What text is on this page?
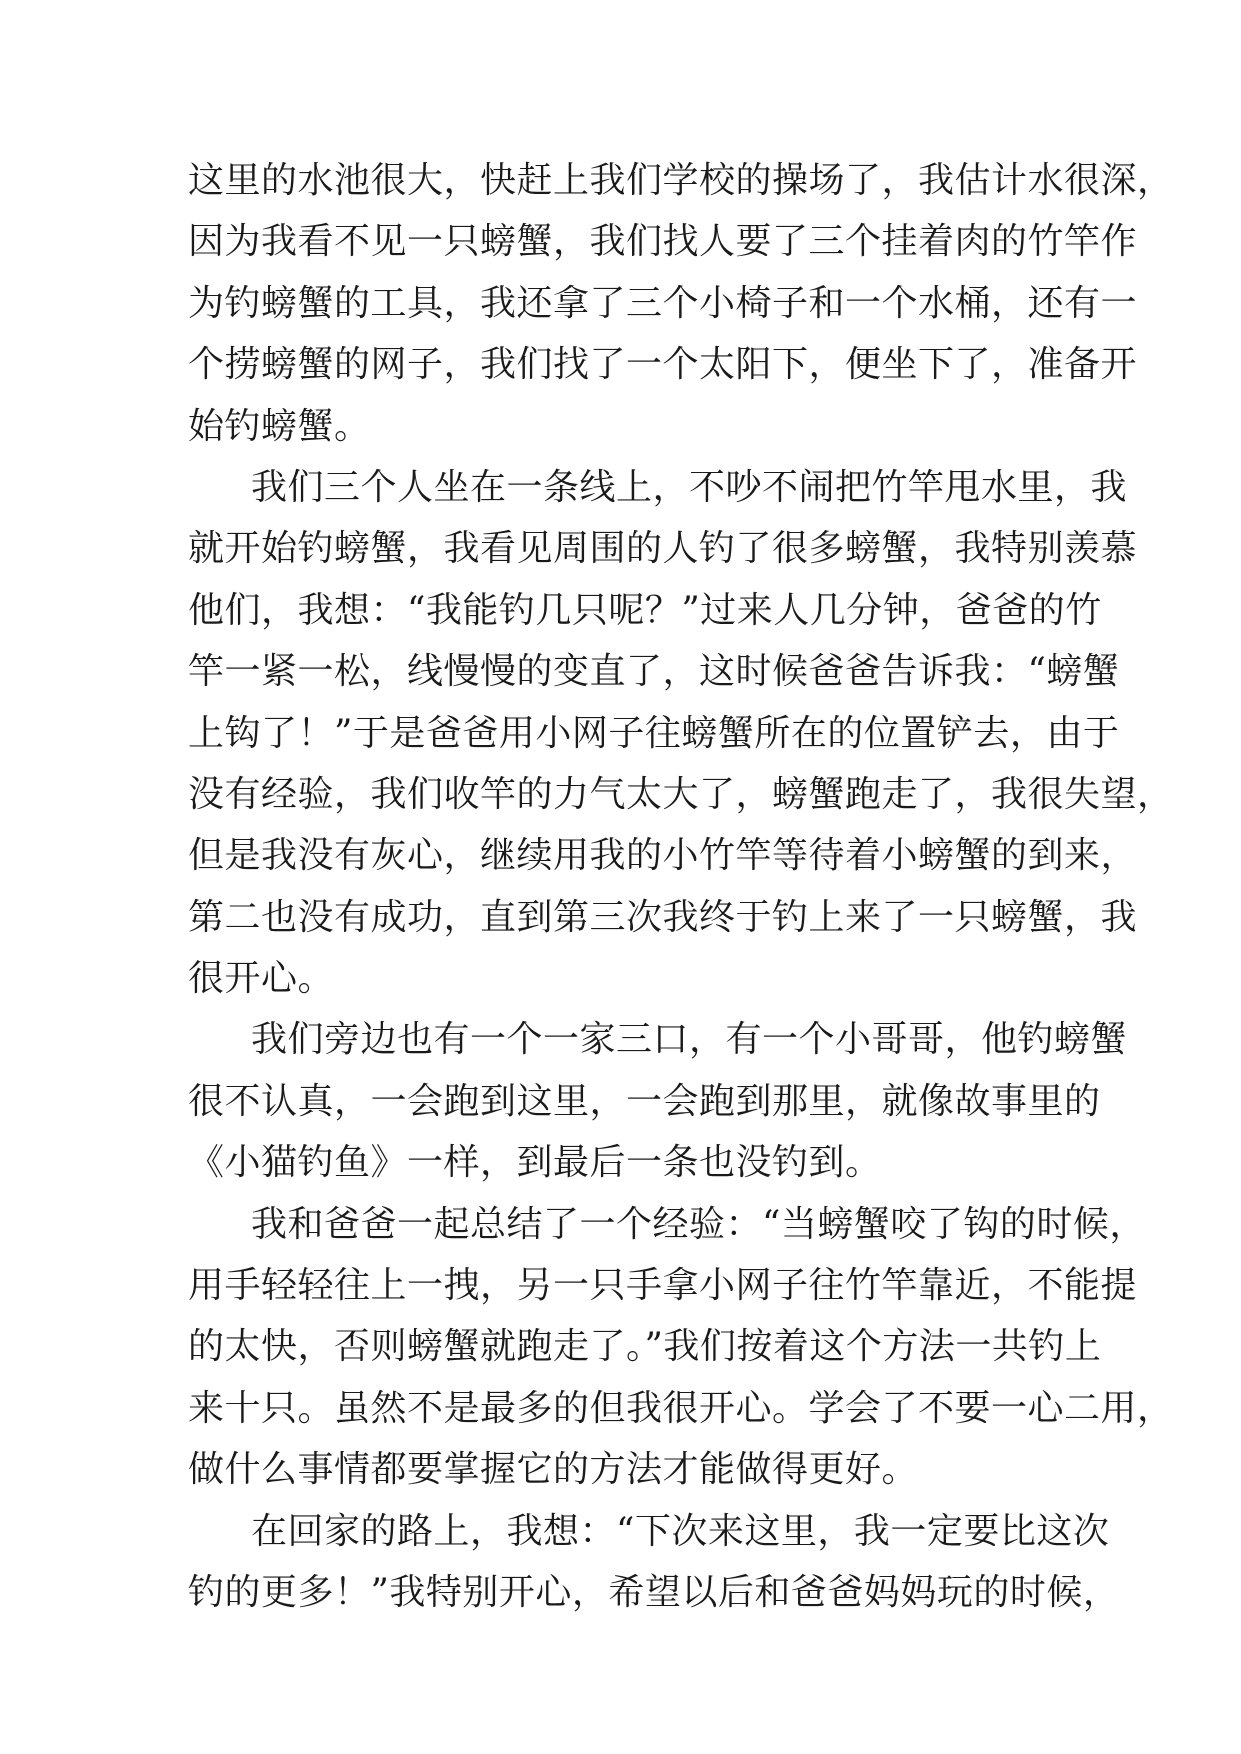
这里的水池很大，快赶上我们学校的操场了，我估计水很深，
因为我看不见一只螃蟹，我们找人要了三个挂着肉的竹竿作
为钓螃蟹的工具，我还拿了三个小椅子和一个水桶，还有一
个捞螃蟹的网子，我们找了一个太阳下，便坐下了，准备开
始钓螃蟹。
我们三个人坐在一条线上，不吵不闹把竹竿甩水里，我
就开始钓螃蟹，我看见周围的人钓了很多螃蟹，我特别羡慕
他们，我想：“我能钓几只呢？”过来人几分钟，爸爸的竹
竿一紧一松，线慢慢的变直了，这时候爸爸告诉我：“螃蟹
上钩了！”于是爸爸用小网子往螃蟹所在的位置铲去，由于
没有经验，我们收竿的力气太大了，螃蟹跑走了，我很失望，
但是我没有灰心，继续用我的小竹竿等待着小螃蟹的到来，
第二也没有成功，直到第三次我终于钓上来了一只螃蟹，我
很开心。
我们旁边也有一个一家三口，有一个小哥哥，他钓螃蟹
很不认真，一会跑到这里，一会跑到那里，就像故事里的
《小猫钓鱼》一样，到最后一条也没钓到。
我和爸爸一起总结了一个经验：“当螃蟹咬了钩的时候，
用手轻轻往上一拽，另一只手拿小网子往竹竿靠近，不能提
的太快，否则螃蟹就跑走了。”我们按着这个方法一共钓上
来十只。虽然不是最多的但我很开心。学会了不要一心二用，
做什么事情都要掌握它的方法才能做得更好。
在回家的路上，我想：“下次来这里，我一定要比这次
钓的更多！”我特别开心，希望以后和爸爸妈妈玩的时候，
